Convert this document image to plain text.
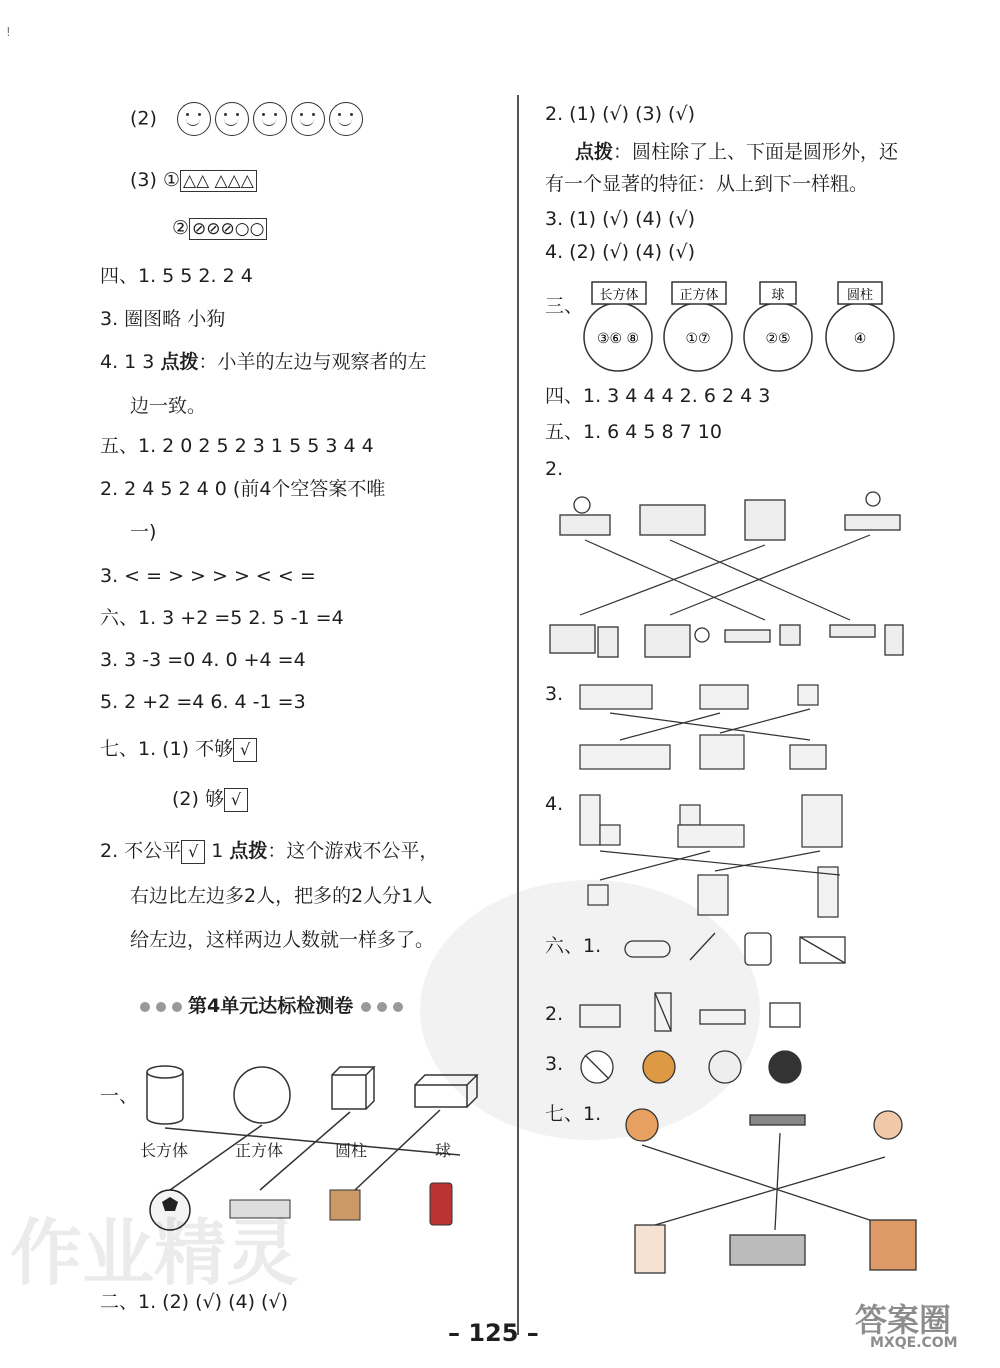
!
(2)
(3) ① △△ △△△
② ⊘⊘⊘○○
四、1. 5 5 2. 2 4
3. 圈图略 小狗
4. 1 3 点拨：小羊的左边与观察者的左
边一致。
五、1. 2 0 2 5 2 3 1 5 5 3 4 4
2. 2 4 5 2 4 0 (前4个空答案不唯
一)
3. < = > > > > < < =
六、1. 3 +2 =5 2. 5 -1 =4
3. 3 -3 =0 4. 0 +4 =4
5. 2 +2 =4 6. 4 -1 =3
七、1. (1) 不够 √
(2) 够 √
2. 不公平 √ 1 点拨：这个游戏不公平，
右边比左边多2人，把多的2人分1人
给左边，这样两边人数就一样多了。
第4单元达标检测卷
一、
长方体	正方体	圆柱	球
二、1. (2) (√) (4) (√)
2. (1) (√) (3) (√)
点拨：圆柱除了上、下面是圆形外，还
有一个显著的特征：从上到下一样粗。
3. (1) (√) (4) (√)
4. (2) (√) (4) (√)
三、 长方体	正方体	球	圆柱
③⑥ ⑧	①⑦	②⑤	④
四、1. 3 4 4 4 2. 6 2 4 3
五、1. 6 4 5 8 7 10
2.
3.
4.
六、1.
2.
3.
七、1.
作业精灵
答案圈
MXQE.COM
– 125 –
